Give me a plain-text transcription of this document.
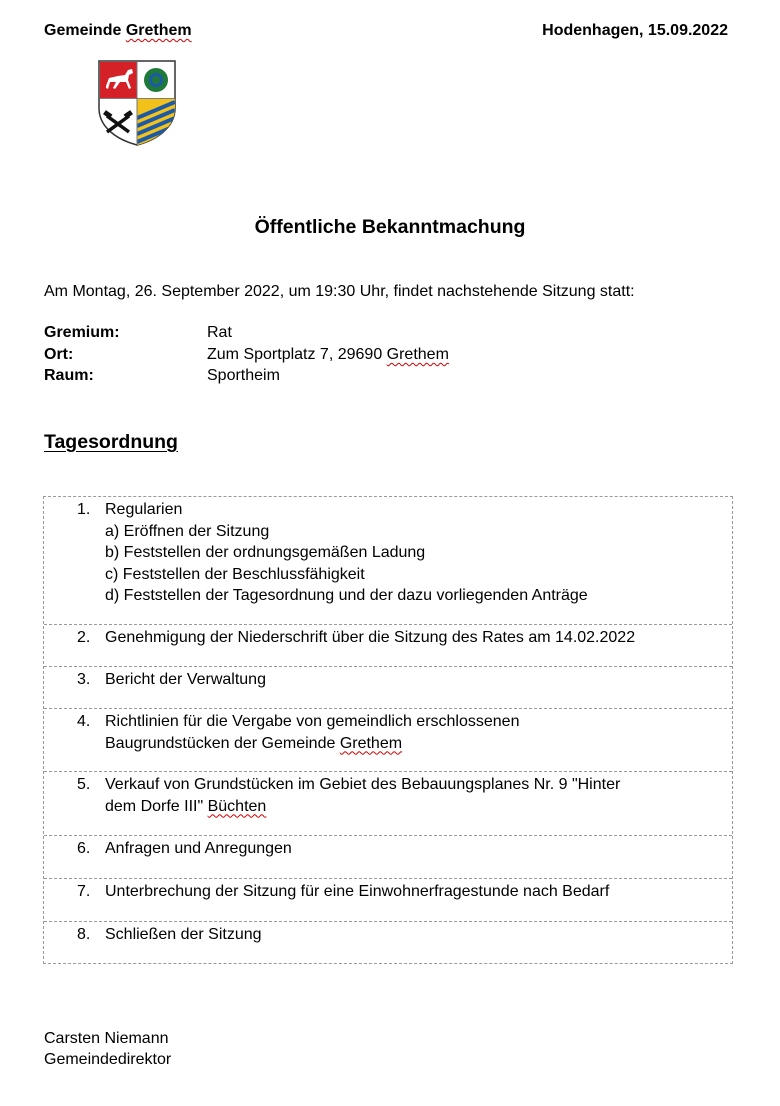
Gemeinde Grethem	Hodenhagen, 15.09.2022
Öffentliche Bekanntmachung
Am Montag, 26. September 2022, um 19:30 Uhr, findet nachstehende Sitzung statt:
Gremium:	Rat
Ort:	Zum Sportplatz 7, 29690 Grethem
Raum:	Sportheim
Tagesordnung
1. Regularien
a) Eröffnen der Sitzung
b) Feststellen der ordnungsgemäßen Ladung
c) Feststellen der Beschlussfähigkeit
d) Feststellen der Tagesordnung und der dazu vorliegenden Anträge
2. Genehmigung der Niederschrift über die Sitzung des Rates am 14.02.2022
3. Bericht der Verwaltung
4. Richtlinien für die Vergabe von gemeindlich erschlossenen
Baugrundstücken der Gemeinde Grethem
5. Verkauf von Grundstücken im Gebiet des Bebauungsplanes Nr. 9 "Hinter
dem Dorfe III" Büchten
6. Anfragen und Anregungen
7. Unterbrechung der Sitzung für eine Einwohnerfragestunde nach Bedarf
8. Schließen der Sitzung
Carsten Niemann
Gemeindedirektor
